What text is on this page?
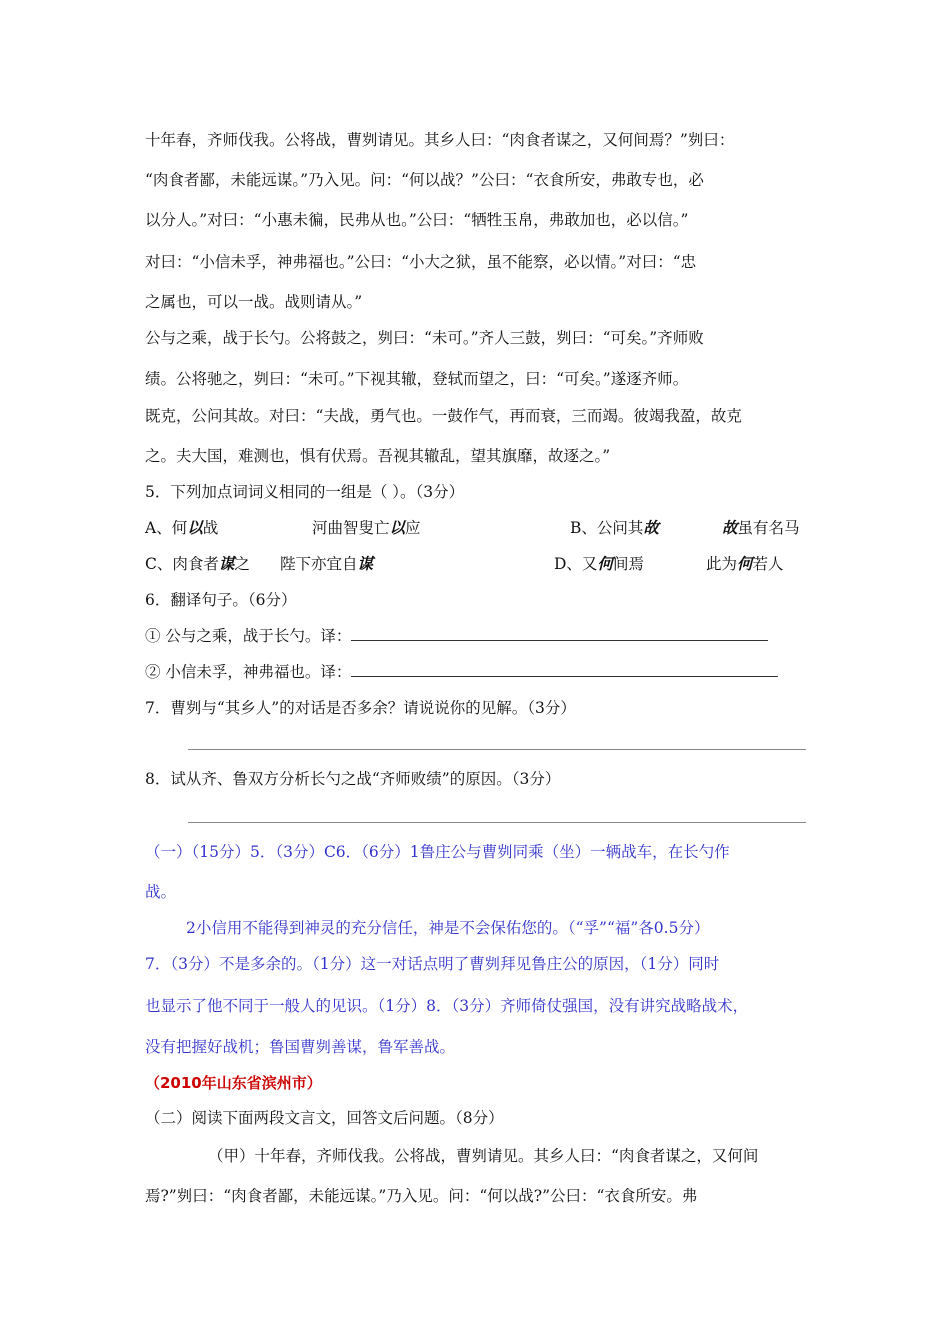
十年春，齐师伐我。公将战，曹刿请见。其乡人曰：“肉食者谋之，又何间焉？”刿曰：
“肉食者鄙，未能远谋。”乃入见。问：“何以战？”公曰：“衣食所安，弗敢专也，必
以分人。”对曰：“小惠未徧，民弗从也。”公曰：“牺牲玉帛，弗敢加也，必以信。”
对曰：“小信未孚，神弗福也。”公曰：“小大之狱，虽不能察，必以情。”对曰：“忠
之属也，可以一战。战则请从。”
公与之乘，战于长勺。公将鼓之，刿曰：“未可。”齐人三鼓，刿曰：“可矣。”齐师败
绩。公将驰之，刿曰：“未可。”下视其辙，登轼而望之，曰：“可矣。”遂逐齐师。
既克，公问其故。对曰：“夫战，勇气也。一鼓作气，再而衰，三而竭。彼竭我盈，故克
之。夫大国，难测也，惧有伏焉。吾视其辙乱，望其旗靡，故逐之。”
5．下列加点词词义相同的一组是（ ）。（3分）
A、何以战	河曲智叟亡以应	B、公问其故	故虽有名马
C、肉食者谋之 陛下亦宜自谋	D、又何间焉	此为何若人
6．翻译句子。（6分）
① 公与之乘，战于长勺。译：
② 小信未孚，神弗福也。译：
7．曹刿与“其乡人”的对话是否多余？请说说你的见解。（3分）
8．试从齐、鲁双方分析长勺之战“齐师败绩”的原因。（3分）
（一）（15分）5．（3分）C6．（6分）1鲁庄公与曹刿同乘（坐）一辆战车，在长勺作
战。
2小信用不能得到神灵的充分信任，神是不会保佑您的。（“孚”“福”各0.5分）
7．（3分）不是多余的。（1分）这一对话点明了曹刿拜见鲁庄公的原因，（1分）同时
也显示了他不同于一般人的见识。（1分）8．（3分）齐师倚仗强国，没有讲究战略战术，
没有把握好战机；鲁国曹刿善谋，鲁军善战。
（2010年山东省滨州市）
（二）阅读下面两段文言文，回答文后问题。（8分）
（甲）十年春，齐师伐我。公将战，曹刿请见。其乡人曰：“肉食者谋之，又何间
焉?”刿曰：“肉食者鄙，未能远谋。”乃入见。问：“何以战?”公曰：“衣食所安。弗
